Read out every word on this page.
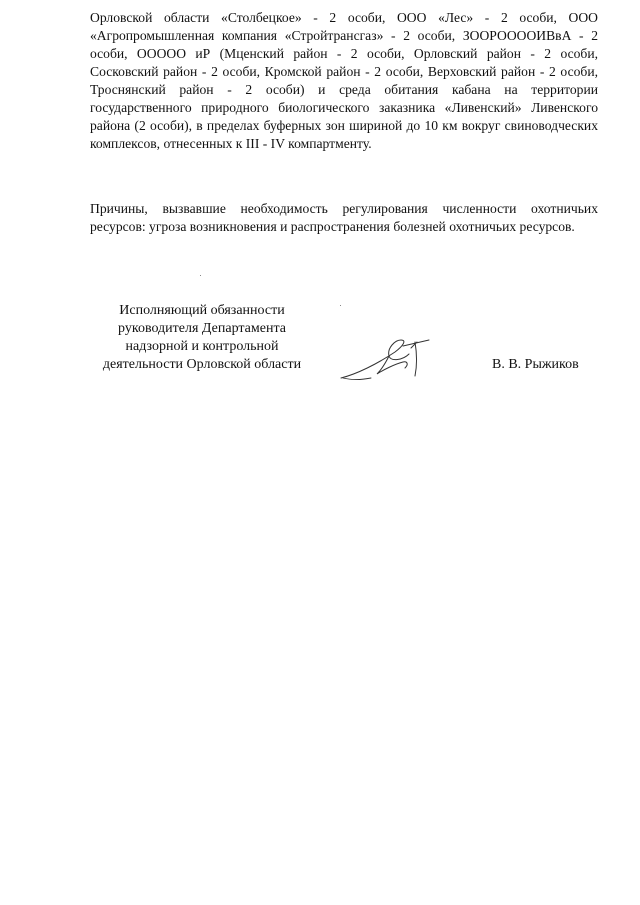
Орловской области «Столбецкое» - 2 особи, ООО «Лес» - 2 особи, ООО «Агропромышленная компания «Стройтрансгаз» - 2 особи, ЗООРООООИВвА - 2 особи, ООООО иР (Мценский район - 2 особи, Орловский район - 2 особи, Сосковский район - 2 особи, Кромской район - 2 особи, Верховский район - 2 особи, Троснянский район - 2 особи) и среда обитания кабана на территории государственного природного биологического заказника «Ливенский» Ливенского района (2 особи), в пределах буферных зон шириной до 10 км вокруг свиноводческих комплексов, отнесенных к III - IV компартменту.

Причины, вызвавшие необходимость регулирования численности охотничьих ресурсов: угроза возникновения и распространения болезней охотничьих ресурсов.

Исполняющий обязанности
руководителя Департамента
надзорной и контрольной
деятельности Орловской области	В. В. Рыжиков
